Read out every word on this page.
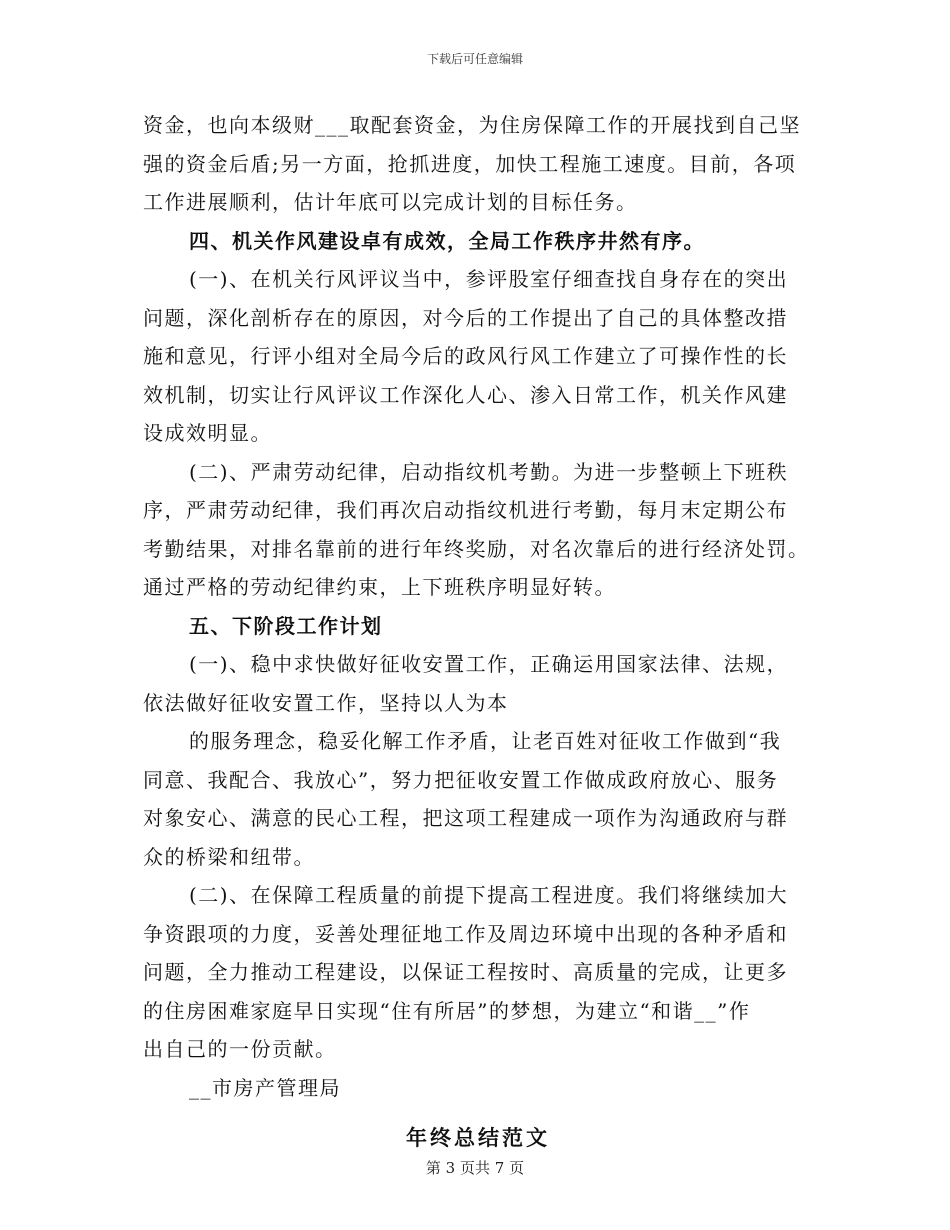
下载后可任意编辑
资金，也向本级财___取配套资金，为住房保障工作的开展找到自己坚
强的资金后盾;另一方面，抢抓进度，加快工程施工速度。目前，各项
工作进展顺利，估计年底可以完成计划的目标任务。
四、机关作风建设卓有成效，全局工作秩序井然有序。
(一)、在机关行风评议当中，参评股室仔细查找自身存在的突出
问题，深化剖析存在的原因，对今后的工作提出了自己的具体整改措
施和意见，行评小组对全局今后的政风行风工作建立了可操作性的长
效机制，切实让行风评议工作深化人心、渗入日常工作，机关作风建
设成效明显。
(二)、严肃劳动纪律，启动指纹机考勤。为进一步整顿上下班秩
序，严肃劳动纪律，我们再次启动指纹机进行考勤，每月末定期公布
考勤结果，对排名靠前的进行年终奖励，对名次靠后的进行经济处罚。
通过严格的劳动纪律约束，上下班秩序明显好转。
五、下阶段工作计划
(一)、稳中求快做好征收安置工作，正确运用国家法律、法规，
依法做好征收安置工作，坚持以人为本
的服务理念，稳妥化解工作矛盾，让老百姓对征收工作做到“我
同意、我配合、我放心”，努力把征收安置工作做成政府放心、服务
对象安心、满意的民心工程，把这项工程建成一项作为沟通政府与群
众的桥梁和纽带。
(二)、在保障工程质量的前提下提高工程进度。我们将继续加大
争资跟项的力度，妥善处理征地工作及周边环境中出现的各种矛盾和
问题，全力推动工程建设，以保证工程按时、高质量的完成，让更多
的住房困难家庭早日实现“住有所居”的梦想，为建立“和谐__”作
出自己的一份贡献。
__市房产管理局
年终总结范文
第 3 页共 7 页
